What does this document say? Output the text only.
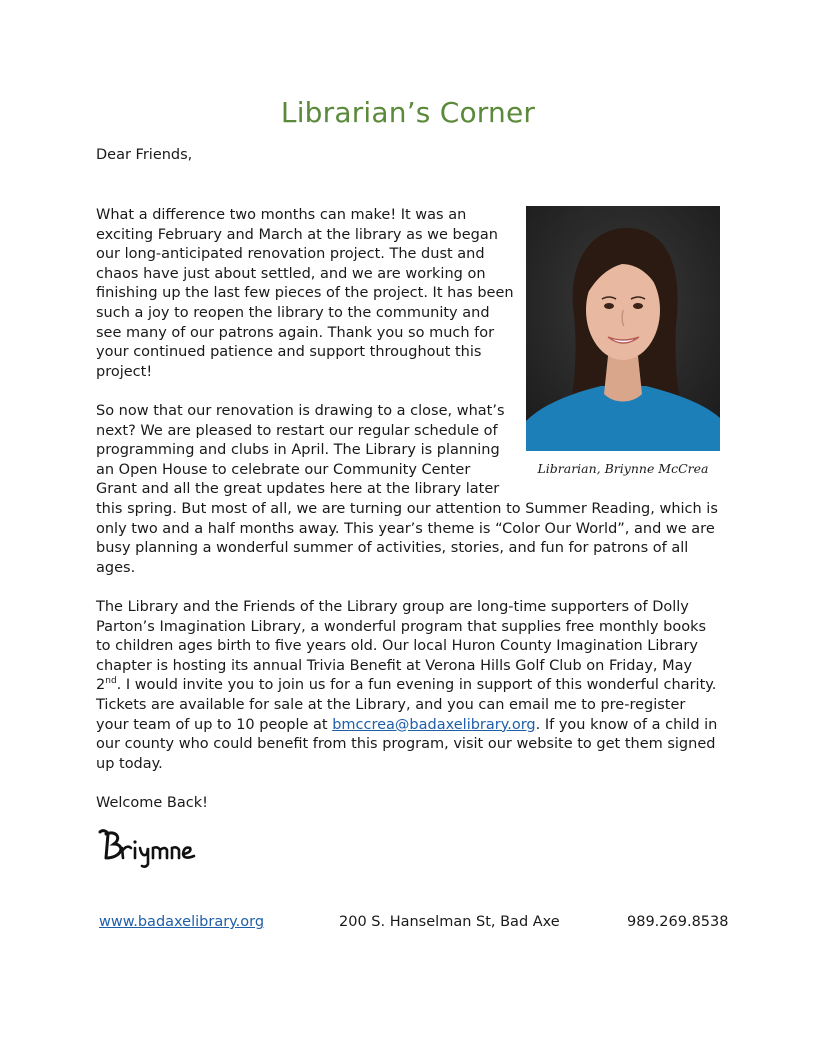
Librarian’s Corner
Dear Friends,
Librarian, Briynne McCrea
What a difference two months can make! It was an exciting February and March at the library as we began our long-anticipated renovation project. The dust and chaos have just about settled, and we are working on finishing up the last few pieces of the project. It has been such a joy to reopen the library to the community and see many of our patrons again. Thank you so much for your continued patience and support throughout this project!
So now that our renovation is drawing to a close, what’s next? We are pleased to restart our regular schedule of programming and clubs in April. The Library is planning an Open House to celebrate our Community Center Grant and all the great updates here at the library later this spring. But most of all, we are turning our attention to Summer Reading, which is only two and a half months away. This year’s theme is “Color Our World”, and we are busy planning a wonderful summer of activities, stories, and fun for patrons of all ages.
The Library and the Friends of the Library group are long-time supporters of Dolly Parton’s Imagination Library, a wonderful program that supplies free monthly books to children ages birth to five years old. Our local Huron County Imagination Library chapter is hosting its annual Trivia Benefit at Verona Hills Golf Club on Friday, May 2nd. I would invite you to join us for a fun evening in support of this wonderful charity. Tickets are available for sale at the Library, and you can email me to pre-register your team of up to 10 people at bmccrea@badaxelibrary.org. If you know of a child in our county who could benefit from this program, visit our website to get them signed up today.
Welcome Back!
www.badaxelibrary.org	200 S. Hanselman St, Bad Axe	989.269.8538
